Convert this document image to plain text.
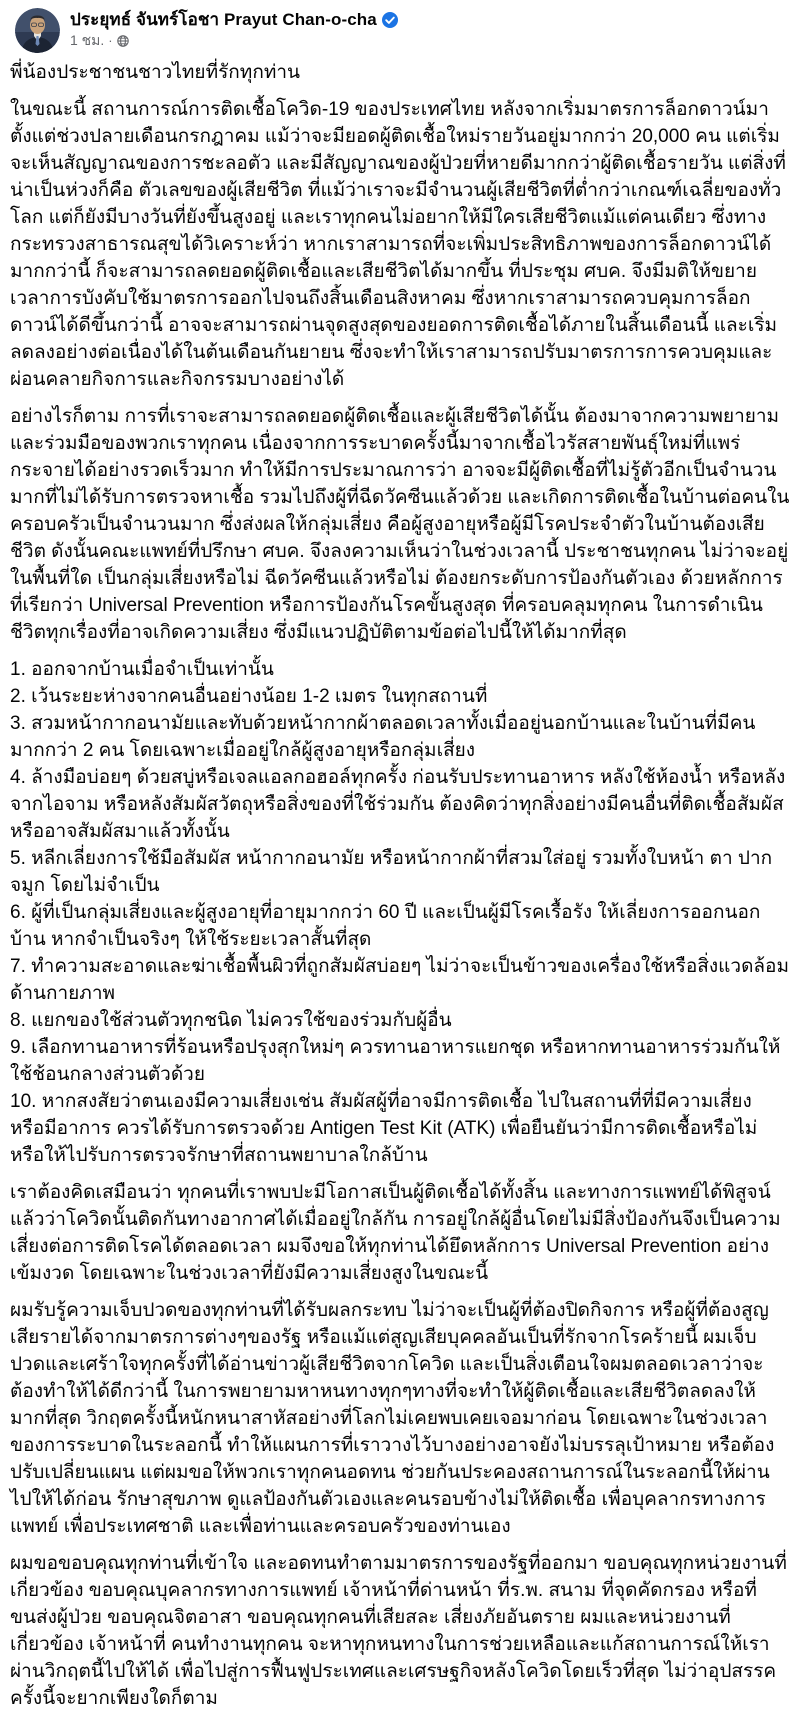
ประยุทธ์ จันทร์โอชา Prayut Chan-o-cha
1 ชม. ·
พี่น้องประชาชนชาวไทยที่รักทุกท่าน
ในขณะนี้ สถานการณ์การติดเชื้อโควิด-19 ของประเทศไทย หลังจากเริ่มมาตรการล็อกดาวน์มาตั้งแต่ช่วงปลายเดือนกรกฎาคม แม้ว่าจะมียอดผู้ติดเชื้อใหม่รายวันอยู่มากกว่า 20,000 คน แต่เริ่มจะเห็นสัญญาณของการชะลอตัว และมีสัญญาณของผู้ป่วยที่หายดีมากกว่าผู้ติดเชื้อรายวัน แต่สิ่งที่น่าเป็นห่วงก็คือ ตัวเลขของผู้เสียชีวิต ที่แม้ว่าเราจะมีจำนวนผู้เสียชีวิตที่ต่ำกว่าเกณฑ์เฉลี่ยของทั่วโลก แต่ก็ยังมีบางวันที่ยังขึ้นสูงอยู่ และเราทุกคนไม่อยากให้มีใครเสียชีวิตแม้แต่คนเดียว ซึ่งทางกระทรวงสาธารณสุขได้วิเคราะห์ว่า หากเราสามารถที่จะเพิ่มประสิทธิภาพของการล็อกดาวน์ได้มากกว่านี้ ก็จะสามารถลดยอดผู้ติดเชื้อและเสียชีวิตได้มากขึ้น ที่ประชุม ศบค. จึงมีมติให้ขยายเวลาการบังคับใช้มาตรการออกไปจนถึงสิ้นเดือนสิงหาคม ซึ่งหากเราสามารถควบคุมการล็อกดาวน์ได้ดีขึ้นกว่านี้ อาจจะสามารถผ่านจุดสูงสุดของยอดการติดเชื้อได้ภายในสิ้นเดือนนี้ และเริ่มลดลงอย่างต่อเนื่องได้ในต้นเดือนกันยายน ซึ่งจะทำให้เราสามารถปรับมาตรการการควบคุมและผ่อนคลายกิจการและกิจกรรมบางอย่างได้
อย่างไรก็ตาม การที่เราจะสามารถลดยอดผู้ติดเชื้อและผู้เสียชีวิตได้นั้น ต้องมาจากความพยายามและร่วมมือของพวกเราทุกคน เนื่องจากการระบาดครั้งนี้มาจากเชื้อไวรัสสายพันธุ์ใหม่ที่แพร่กระจายได้อย่างรวดเร็วมาก ทำให้มีการประมาณการว่า อาจจะมีผู้ติดเชื้อที่ไม่รู้ตัวอีกเป็นจำนวนมากที่ไม่ได้รับการตรวจหาเชื้อ รวมไปถึงผู้ที่ฉีดวัคซีนแล้วด้วย และเกิดการติดเชื้อในบ้านต่อคนในครอบครัวเป็นจำนวนมาก ซึ่งส่งผลให้กลุ่มเสี่ยง คือผู้สูงอายุหรือผู้มีโรคประจำตัวในบ้านต้องเสียชีวิต ดังนั้นคณะแพทย์ที่ปรึกษา ศบค. จึงลงความเห็นว่าในช่วงเวลานี้ ประชาชนทุกคน ไม่ว่าจะอยู่ในพื้นที่ใด เป็นกลุ่มเสี่ยงหรือไม่ ฉีดวัคซีนแล้วหรือไม่ ต้องยกระดับการป้องกันตัวเอง ด้วยหลักการที่เรียกว่า Universal Prevention หรือการป้องกันโรคขั้นสูงสุด ที่ครอบคลุมทุกคน ในการดำเนินชีวิตทุกเรื่องที่อาจเกิดความเสี่ยง ซึ่งมีแนวปฏิบัติตามข้อต่อไปนี้ให้ได้มากที่สุด
1. ออกจากบ้านเมื่อจำเป็นเท่านั้น
2. เว้นระยะห่างจากคนอื่นอย่างน้อย 1-2 เมตร ในทุกสถานที่
3. สวมหน้ากากอนามัยและทับด้วยหน้ากากผ้าตลอดเวลาทั้งเมื่ออยู่นอกบ้านและในบ้านที่มีคนมากกว่า 2 คน โดยเฉพาะเมื่ออยู่ใกล้ผู้สูงอายุหรือกลุ่มเสี่ยง
4. ล้างมือบ่อยๆ ด้วยสบู่หรือเจลแอลกอฮอล์ทุกครั้ง ก่อนรับประทานอาหาร หลังใช้ห้องน้ำ หรือหลังจากไอจาม หรือหลังสัมผัสวัตถุหรือสิ่งของที่ใช้ร่วมกัน ต้องคิดว่าทุกสิ่งอย่างมีคนอื่นที่ติดเชื้อสัมผัส หรืออาจสัมผัสมาแล้วทั้งนั้น
5. หลีกเลี่ยงการใช้มือสัมผัส หน้ากากอนามัย หรือหน้ากากผ้าที่สวมใส่อยู่ รวมทั้งใบหน้า ตา ปาก จมูก โดยไม่จำเป็น
6. ผู้ที่เป็นกลุ่มเสี่ยงและผู้สูงอายุที่อายุมากกว่า 60 ปี และเป็นผู้มีโรคเรื้อรัง ให้เลี่ยงการออกนอกบ้าน หากจำเป็นจริงๆ ให้ใช้ระยะเวลาสั้นที่สุด
7. ทำความสะอาดและฆ่าเชื้อพื้นผิวที่ถูกสัมผัสบ่อยๆ ไม่ว่าจะเป็นข้าวของเครื่องใช้หรือสิ่งแวดล้อมด้านกายภาพ
8. แยกของใช้ส่วนตัวทุกชนิด ไม่ควรใช้ของร่วมกับผู้อื่น
9. เลือกทานอาหารที่ร้อนหรือปรุงสุกใหม่ๆ ควรทานอาหารแยกชุด หรือหากทานอาหารร่วมกันให้ใช้ช้อนกลางส่วนตัวด้วย
10. หากสงสัยว่าตนเองมีความเสี่ยงเช่น สัมผัสผู้ที่อาจมีการติดเชื้อ ไปในสถานที่ที่มีความเสี่ยง หรือมีอาการ ควรได้รับการตรวจด้วย Antigen Test Kit (ATK) เพื่อยืนยันว่ามีการติดเชื้อหรือไม่ หรือให้ไปรับการตรวจรักษาที่สถานพยาบาลใกล้บ้าน
เราต้องคิดเสมือนว่า ทุกคนที่เราพบปะมีโอกาสเป็นผู้ติดเชื้อได้ทั้งสิ้น และทางการแพทย์ได้พิสูจน์แล้วว่าโควิดนั้นติดกันทางอากาศได้เมื่ออยู่ใกล้กัน การอยู่ใกล้ผู้อื่นโดยไม่มีสิ่งป้องกันจึงเป็นความเสี่ยงต่อการติดโรคได้ตลอดเวลา ผมจึงขอให้ทุกท่านได้ยึดหลักการ Universal Prevention อย่างเข้มงวด โดยเฉพาะในช่วงเวลาที่ยังมีความเสี่ยงสูงในขณะนี้
ผมรับรู้ความเจ็บปวดของทุกท่านที่ได้รับผลกระทบ ไม่ว่าจะเป็นผู้ที่ต้องปิดกิจการ หรือผู้ที่ต้องสูญเสียรายได้จากมาตรการต่างๆของรัฐ หรือแม้แต่สูญเสียบุคคลอันเป็นที่รักจากโรคร้ายนี้ ผมเจ็บปวดและเศร้าใจทุกครั้งที่ได้อ่านข่าวผู้เสียชีวิตจากโควิด และเป็นสิ่งเตือนใจผมตลอดเวลาว่าจะต้องทำให้ได้ดีกว่านี้ ในการพยายามหาหนทางทุกๆทางที่จะทำให้ผู้ติดเชื้อและเสียชีวิตลดลงให้มากที่สุด วิกฤตครั้งนี้หนักหนาสาหัสอย่างที่โลกไม่เคยพบเคยเจอมาก่อน โดยเฉพาะในช่วงเวลาของการระบาดในระลอกนี้ ทำให้แผนการที่เราวางไว้บางอย่างอาจยังไม่บรรลุเป้าหมาย หรือต้องปรับเปลี่ยนแผน แต่ผมขอให้พวกเราทุกคนอดทน ช่วยกันประคองสถานการณ์ในระลอกนี้ให้ผ่านไปให้ได้ก่อน รักษาสุขภาพ ดูแลป้องกันตัวเองและคนรอบข้างไม่ให้ติดเชื้อ เพื่อบุคลากรทางการแพทย์ เพื่อประเทศชาติ และเพื่อท่านและครอบครัวของท่านเอง
ผมขอขอบคุณทุกท่านที่เข้าใจ และอดทนทำตามมาตรการของรัฐที่ออกมา ขอบคุณทุกหน่วยงานที่เกี่ยวข้อง ขอบคุณบุคลากรทางการแพทย์ เจ้าหน้าที่ด่านหน้า ที่ร.พ. สนาม ที่จุดคัดกรอง หรือที่ขนส่งผู้ป่วย ขอบคุณจิตอาสา ขอบคุณทุกคนที่เสียสละ เสี่ยงภัยอันตราย ผมและหน่วยงานที่เกี่ยวข้อง เจ้าหน้าที่ คนทำงานทุกคน จะหาทุกหนทางในการช่วยเหลือและแก้สถานการณ์ให้เราผ่านวิกฤตนี้ไปให้ได้ เพื่อไปสู่การฟื้นฟูประเทศและเศรษฐกิจหลังโควิดโดยเร็วที่สุด ไม่ว่าอุปสรรคครั้งนี้จะยากเพียงใดก็ตาม
